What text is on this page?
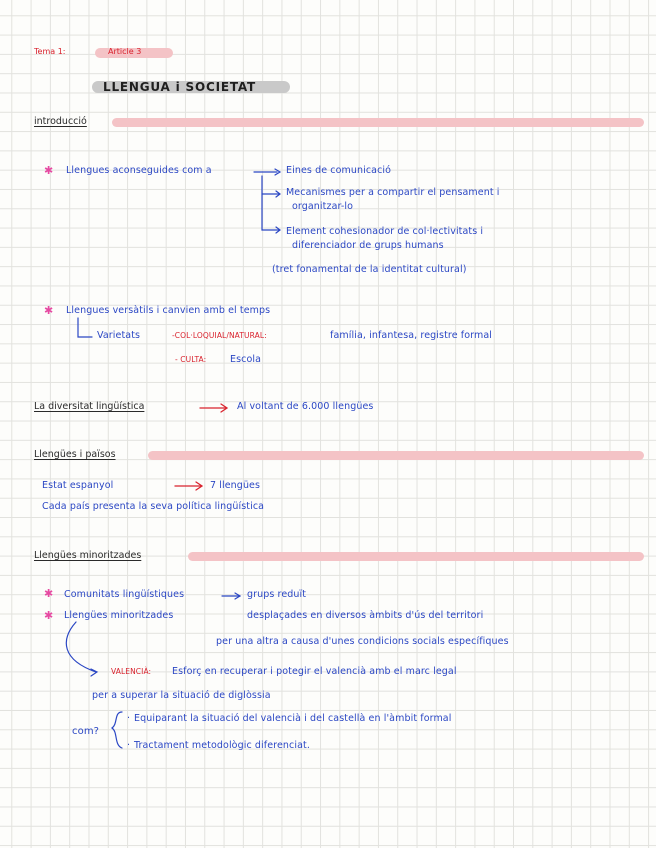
Tema 1:	Article 3
LLENGUA i SOCIETAT
introducció
✱ Llengues aconseguides com a	Eines de comunicació
Mecanismes per a compartir el pensament i
organitzar-lo
Element cohesionador de col·lectivitats i
diferenciador de grups humans
(tret fonamental de la identitat cultural)
✱ Llengues versàtils i canvien amb el temps
Varietats	-COL·LOQUIAL/NATURAL:	família, infantesa, registre formal
- CULTA: Escola
La diversitat lingüística	Al voltant de 6.000 llengües
Llengües i països
Estat espanyol	7 llengües
Cada país presenta la seva política lingüística
Llengües minoritzades
✱ Comunitats lingüístiques	grups reduït
✱ Llengües minoritzades	desplaçades en diversos àmbits d'ús del territori
per una altra a causa d'unes condicions socials específiques
VALENCIÀ: Esforç en recuperar i potegir el valencià amb el marc legal
per a superar la situació de diglòssia
com?
Equiparant la situació del valencià i del castellà en l'àmbit formal
Tractament metodològic diferenciat.
·
·
